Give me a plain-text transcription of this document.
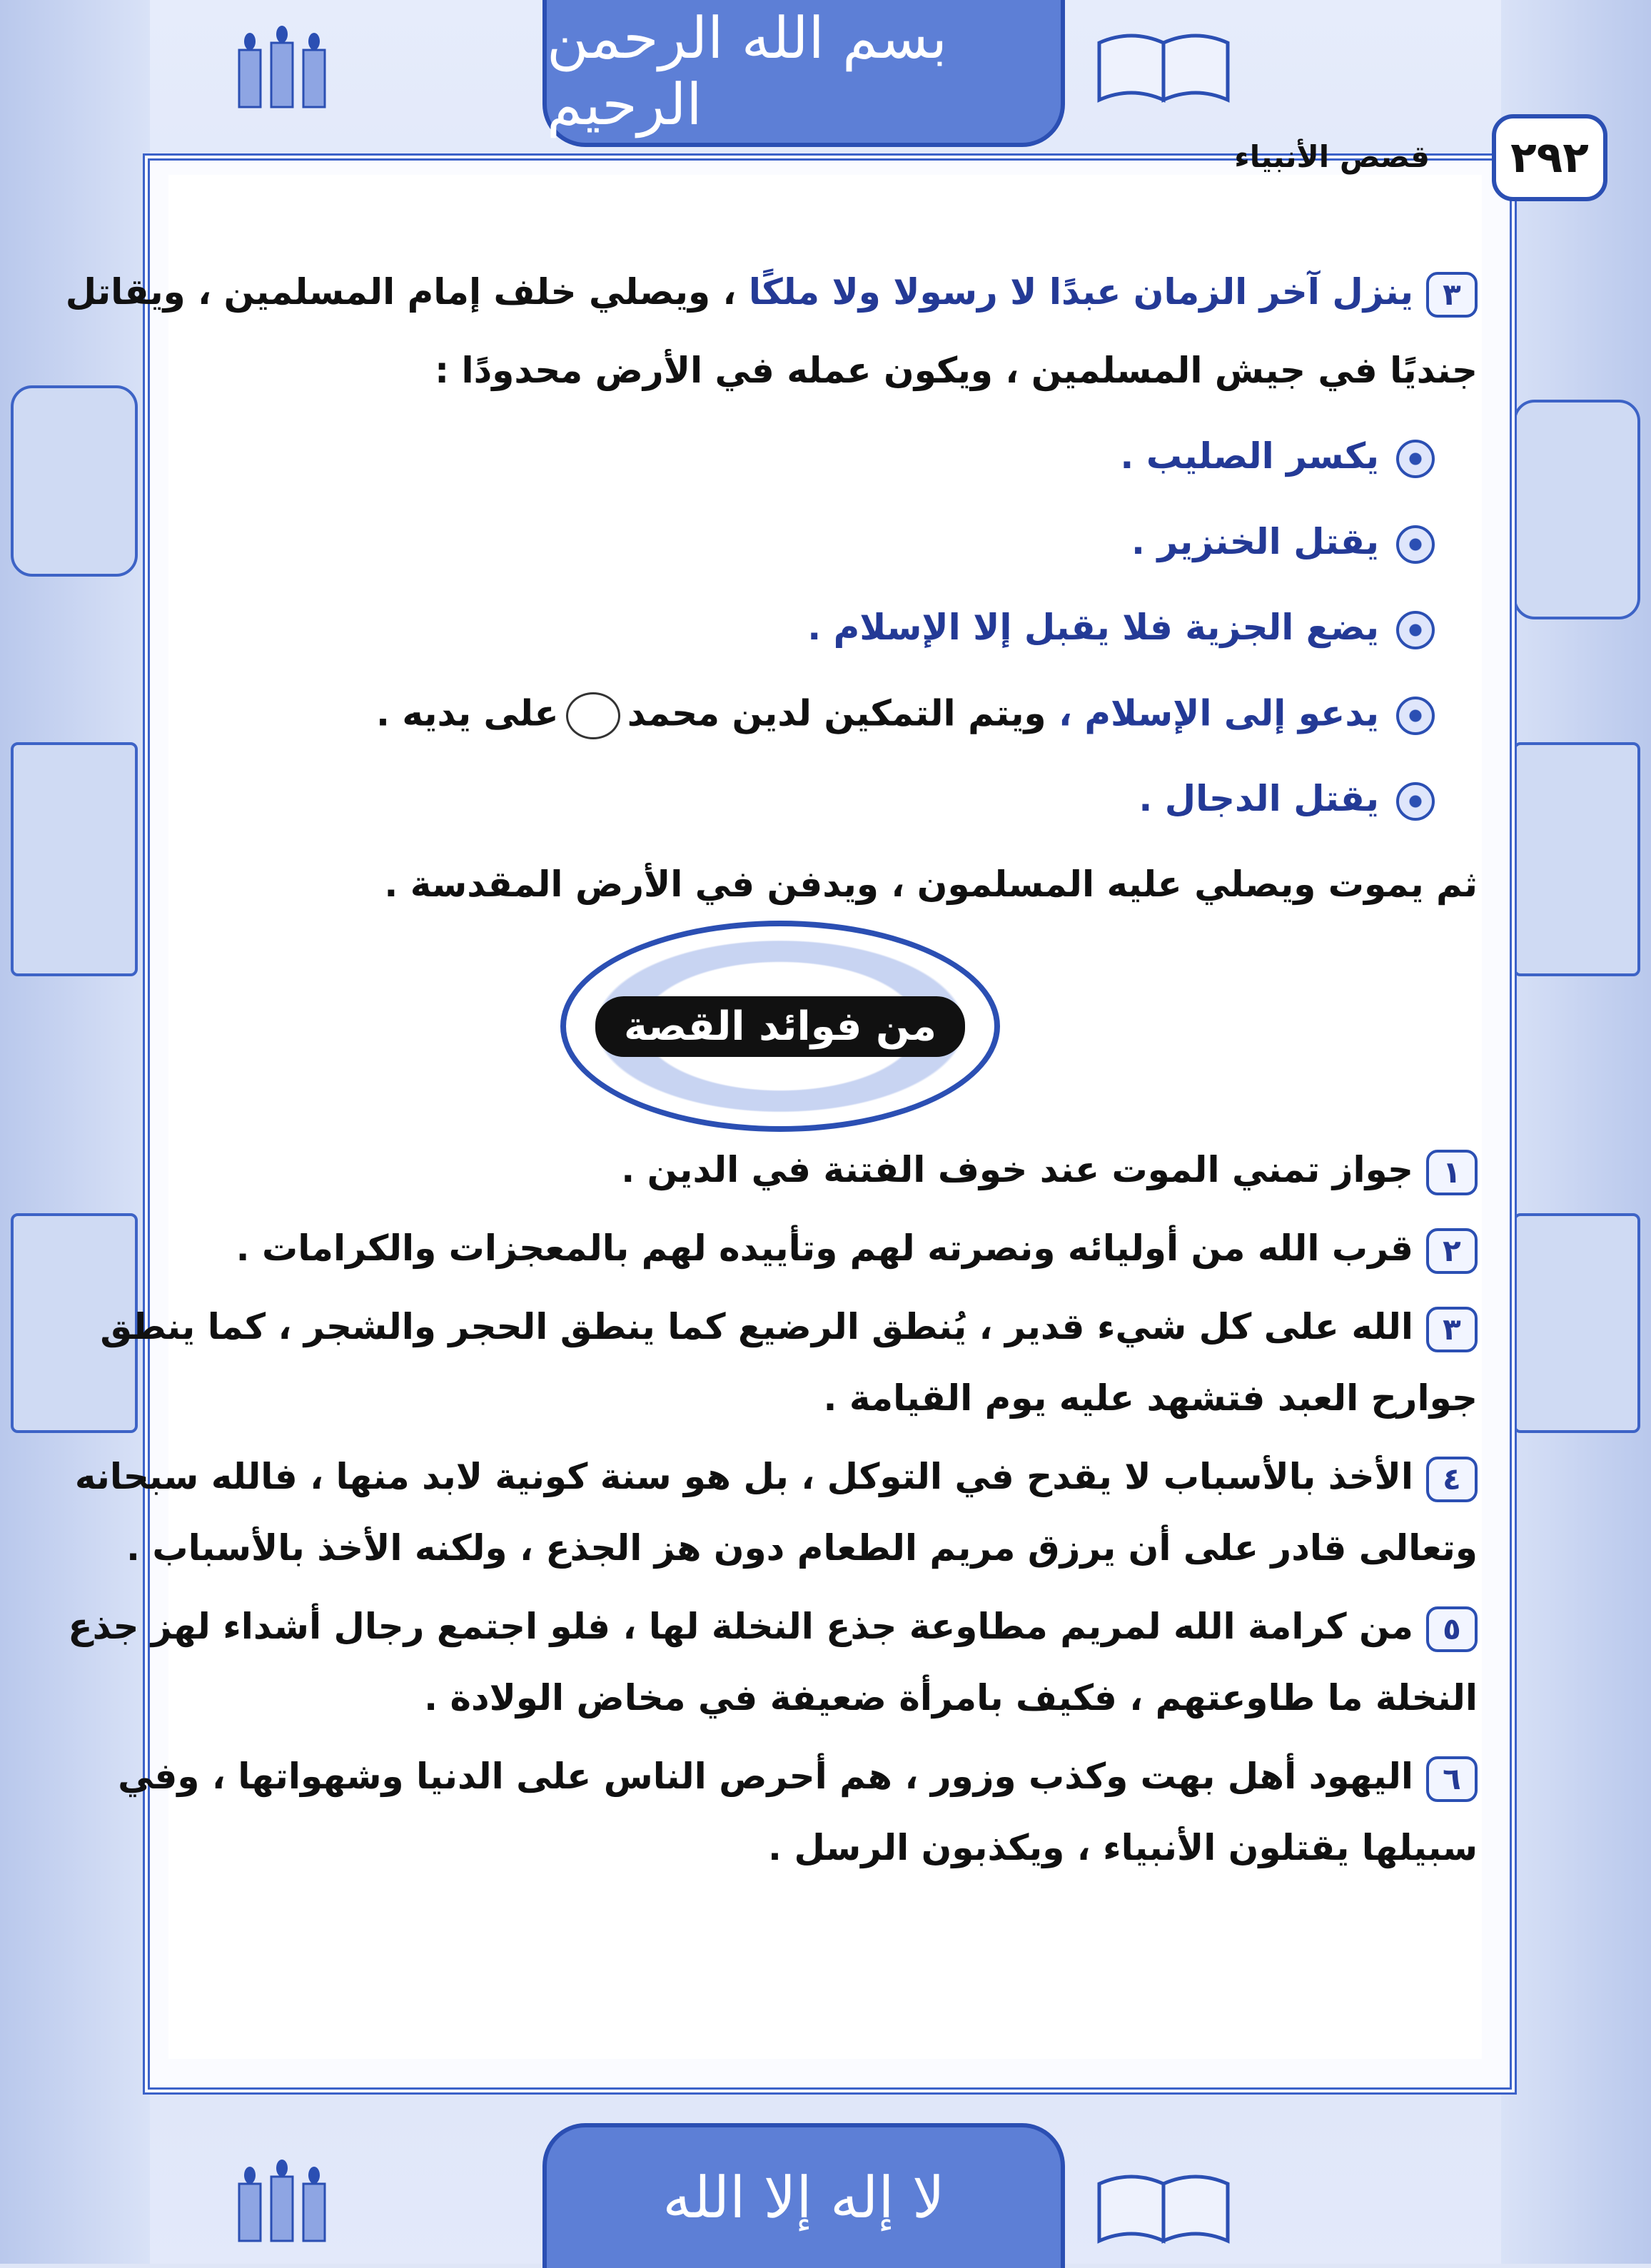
بسم الله الرحمن الرحيم
لا إله إلا الله
٢٩٢
قصص الأنبياء
٣ينزل آخر الزمان عبدًا لا رسولا ولا ملكًا ، ويصلي خلف إمام المسلمين ، ويقاتل
جنديًا في جيش المسلمين ، ويكون عمله في الأرض محدودًا :
يكسر الصليب .
يقتل الخنزير .
يضع الجزية فلا يقبل إلا الإسلام .
يدعو إلى الإسلام ، ويتم التمكين لدين محمدعلى يديه .
يقتل الدجال .
ثم يموت ويصلي عليه المسلمون ، ويدفن في الأرض المقدسة .
من فوائد القصة
١جواز تمني الموت عند خوف الفتنة في الدين .
٢قرب الله من أوليائه ونصرته لهم وتأييده لهم بالمعجزات والكرامات .
٣الله على كل شيء قدير ، يُنطق الرضيع كما ينطق الحجر والشجر ، كما ينطق
جوارح العبد فتشهد عليه يوم القيامة .
٤الأخذ بالأسباب لا يقدح في التوكل ، بل هو سنة كونية لابد منها ، فالله سبحانه
وتعالى قادر على أن يرزق مريم الطعام دون هز الجذع ، ولكنه الأخذ بالأسباب .
٥من كرامة الله لمريم مطاوعة جذع النخلة لها ، فلو اجتمع رجال أشداء لهز جذع
النخلة ما طاوعتهم ، فكيف بامرأة ضعيفة في مخاض الولادة .
٦اليهود أهل بهت وكذب وزور ، هم أحرص الناس على الدنيا وشهواتها ، وفي
سبيلها يقتلون الأنبياء ، ويكذبون الرسل .
